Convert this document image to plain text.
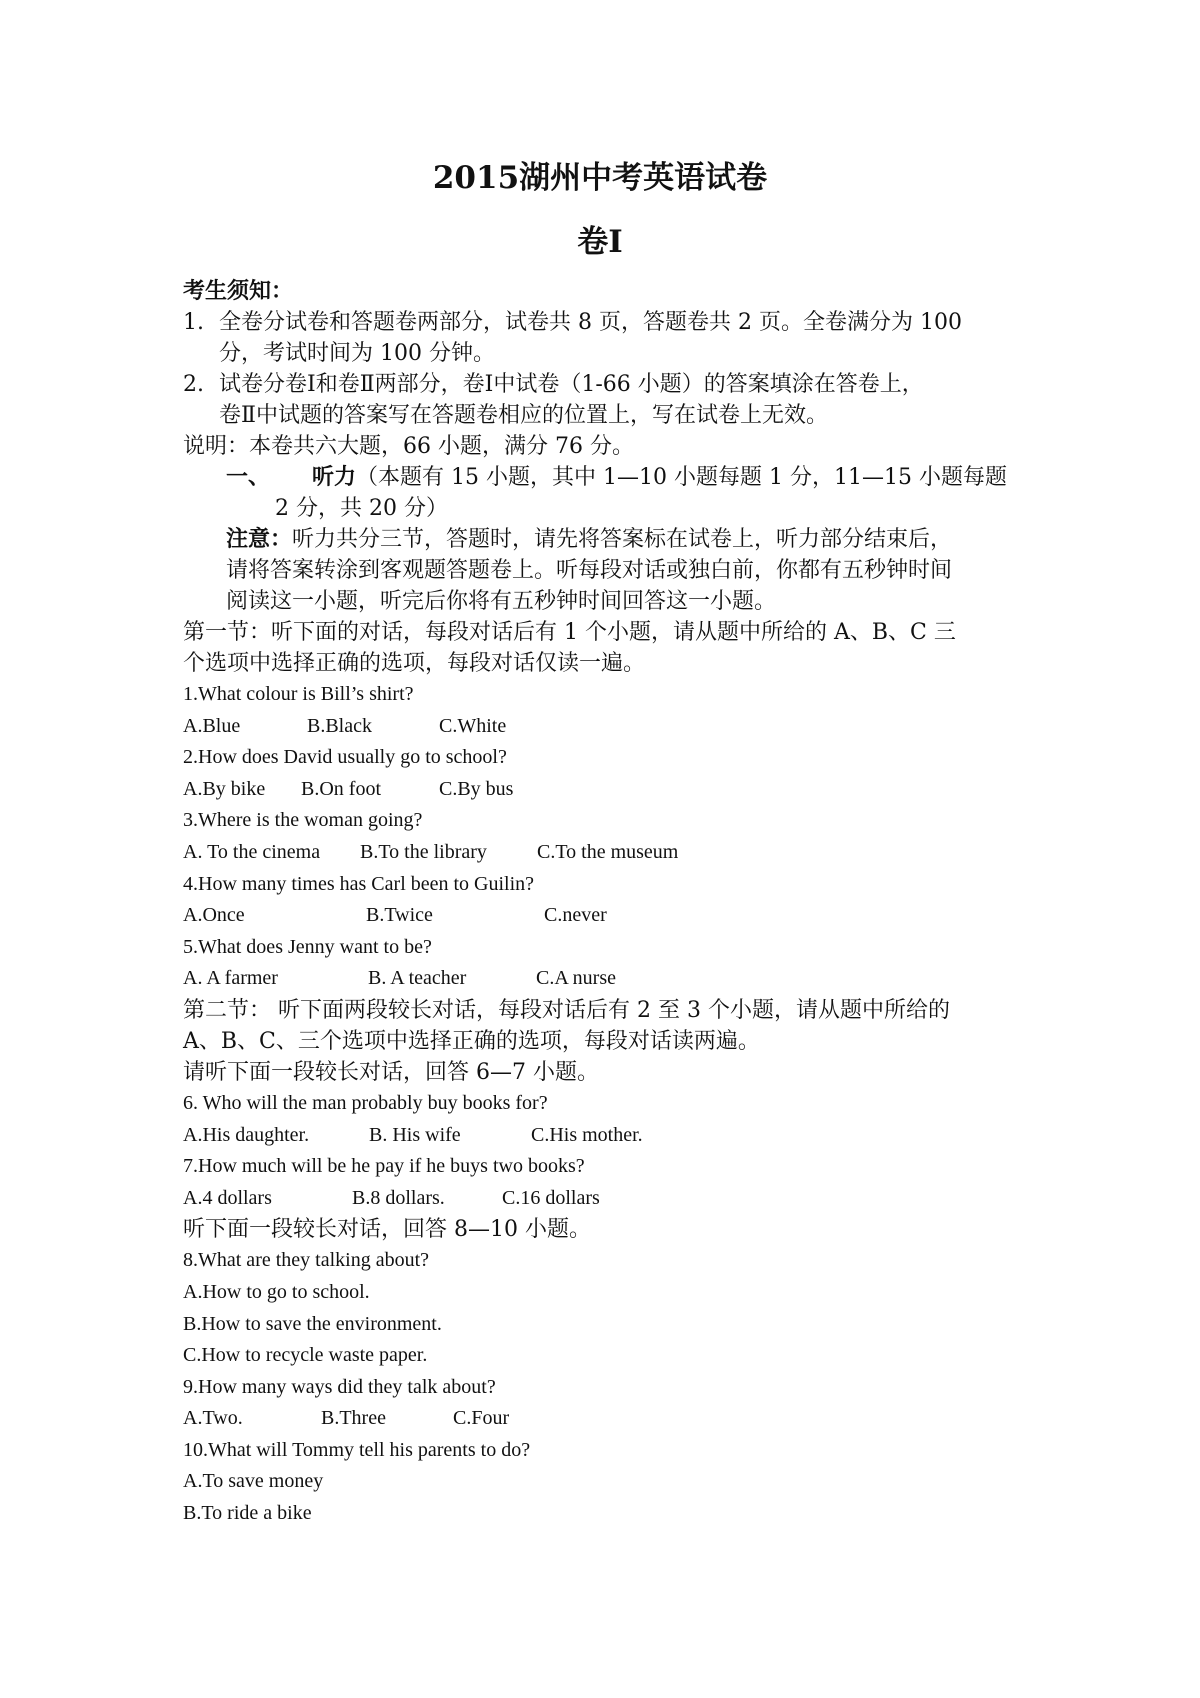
2015湖州中考英语试卷
卷Ⅰ
考生须知：
1. 全卷分试卷和答题卷两部分，试卷共 8 页，答题卷共 2 页。全卷满分为 100
分，考试时间为 100 分钟。
2. 试卷分卷Ⅰ和卷Ⅱ两部分，卷Ⅰ中试卷（1-66 小题）的答案填涂在答卷上，
卷Ⅱ中试题的答案写在答题卷相应的位置上，写在试卷上无效。
说明：本卷共六大题，66 小题，满分 76 分。
一、 听力（本题有 15 小题，其中 1—10 小题每题 1 分，11—15 小题每题
2 分，共 20 分）
注意：听力共分三节，答题时，请先将答案标在试卷上，听力部分结束后，
请将答案转涂到客观题答题卷上。听每段对话或独白前，你都有五秒钟时间
阅读这一小题，听完后你将有五秒钟时间回答这一小题。
第一节：听下面的对话，每段对话后有 1 个小题，请从题中所给的 A、B、C 三
个选项中选择正确的选项，每段对话仅读一遍。
1.What colour is Bill’s shirt?
A.Blue	B.Black	C.White
2.How does David usually go to school?
A.By bike B.On foot	C.By bus
3.Where is the woman going?
A. To the cinema B.To the library	C.To the museum
4.How many times has Carl been to Guilin?
A.Once	B.Twice	C.never
5.What does Jenny want to be?
A. A farmer	B. A teacher	C.A nurse
第二节： 听下面两段较长对话，每段对话后有 2 至 3 个小题，请从题中所给的
A、B、C、三个选项中选择正确的选项，每段对话读两遍。
请听下面一段较长对话，回答 6—7 小题。
6. Who will the man probably buy books for?
A.His daughter.	B. His wife	C.His mother.
7.How much will be he pay if he buys two books?
A.4 dollars	B.8 dollars.	C.16 dollars
听下面一段较长对话，回答 8—10 小题。
8.What are they talking about?
A.How to go to school.
B.How to save the environment.
C.How to recycle waste paper.
9.How many ways did they talk about?
A.Two.	B.Three	C.Four
10.What will Tommy tell his parents to do?
A.To save money
B.To ride a bike
